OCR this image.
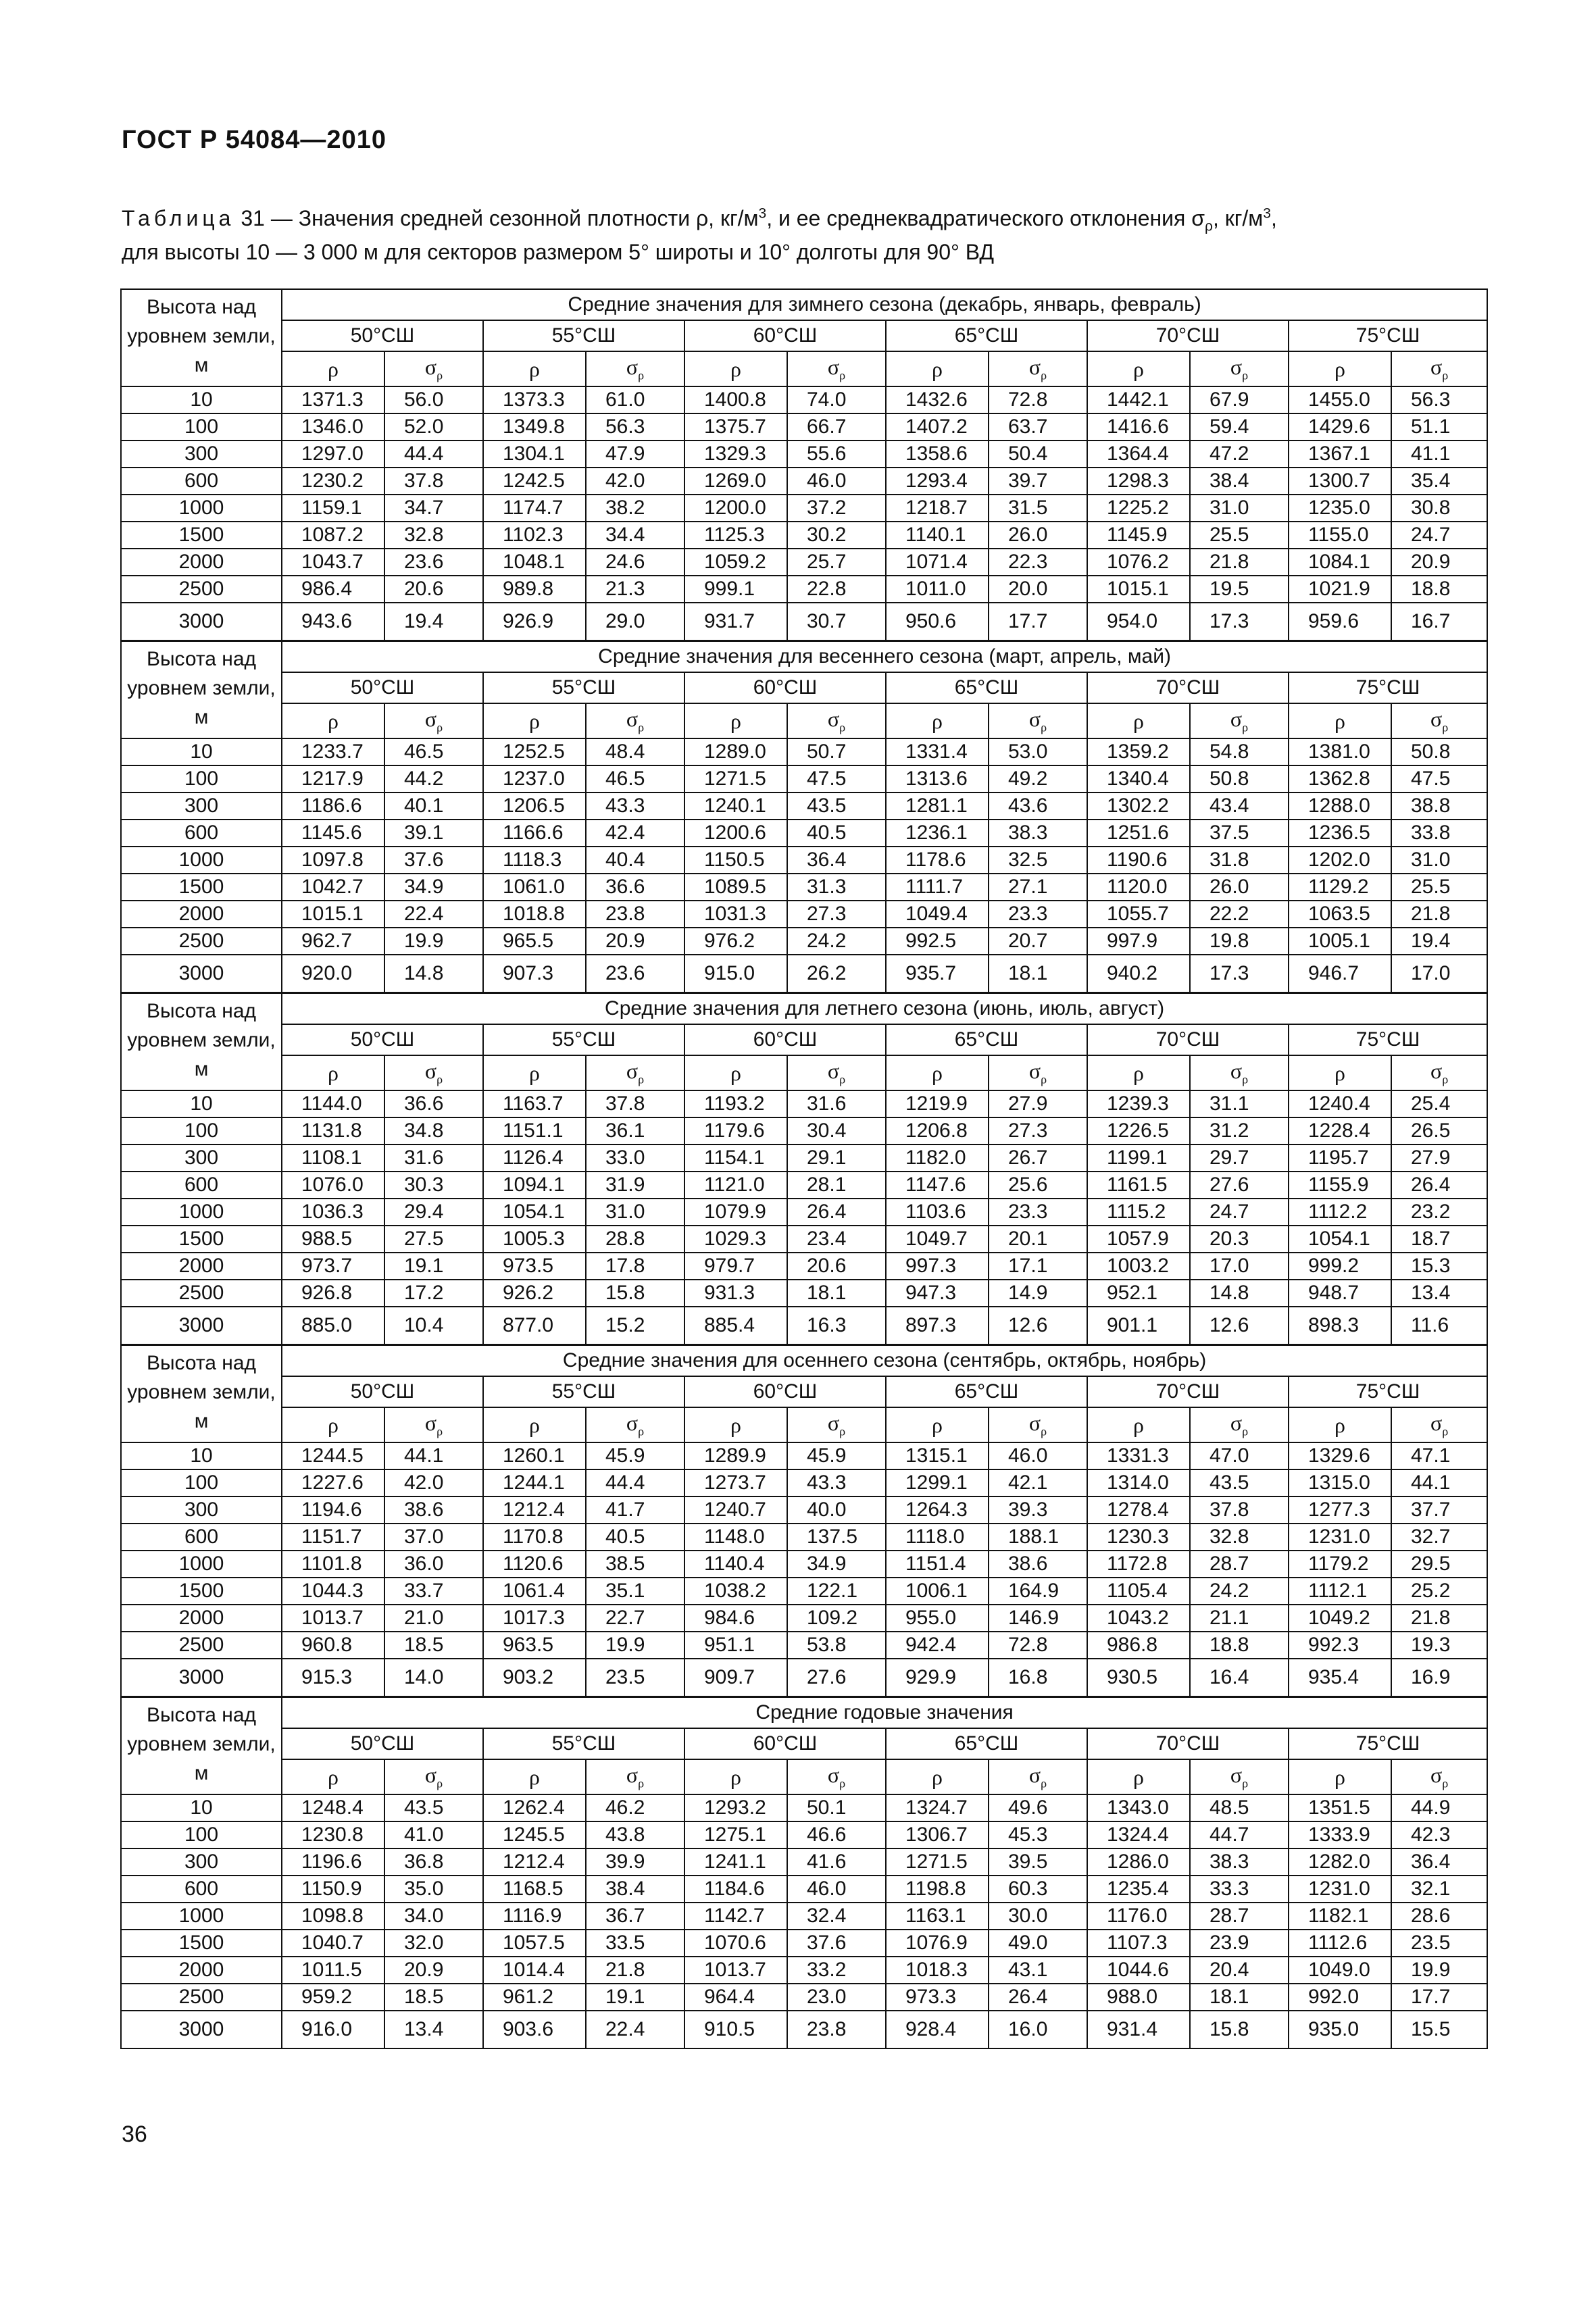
ГОСТ Р 54084—2010
Таблица 31 — Значения средней сезонной плотности ρ, $кг/м^3$, и ее среднеквадратического отклонения $\sigma_\rho$, $кг/м^3$,
для высоты 10 — 3 000 м для секторов размером 5° широты и 10° долготы для 90° ВД
Высота над уровнем земли, м	Средние значения для зимнего сезона (декабрь, январь, февраль)											
	50°СШ		55°СШ		60°СШ		65°СШ		70°СШ		75°СШ	
	ρ	$\sigma_\rho$	ρ	$\sigma_\rho$	ρ	$\sigma_\rho$	ρ	$\sigma_\rho$	ρ	$\sigma_\rho$	ρ	$\sigma_\rho$
10	1371.3	56.0	1373.3	61.0	1400.8	74.0	1432.6	72.8	1442.1	67.9	1455.0	56.3
100	1346.0	52.0	1349.8	56.3	1375.7	66.7	1407.2	63.7	1416.6	59.4	1429.6	51.1
300	1297.0	44.4	1304.1	47.9	1329.3	55.6	1358.6	50.4	1364.4	47.2	1367.1	41.1
600	1230.2	37.8	1242.5	42.0	1269.0	46.0	1293.4	39.7	1298.3	38.4	1300.7	35.4
1000	1159.1	34.7	1174.7	38.2	1200.0	37.2	1218.7	31.5	1225.2	31.0	1235.0	30.8
1500	1087.2	32.8	1102.3	34.4	1125.3	30.2	1140.1	26.0	1145.9	25.5	1155.0	24.7
2000	1043.7	23.6	1048.1	24.6	1059.2	25.7	1071.4	22.3	1076.2	21.8	1084.1	20.9
2500	986.4	20.6	989.8	21.3	999.1	22.8	1011.0	20.0	1015.1	19.5	1021.9	18.8
3000	943.6	19.4	926.9	29.0	931.7	30.7	950.6	17.7	954.0	17.3	959.6	16.7
Высота над уровнем земли, м	Средние значения для весеннего сезона (март, апрель, май)											
	50°СШ		55°СШ		60°СШ		65°СШ		70°СШ		75°СШ	
	ρ	$\sigma_\rho$	ρ	$\sigma_\rho$	ρ	$\sigma_\rho$	ρ	$\sigma_\rho$	ρ	$\sigma_\rho$	ρ	$\sigma_\rho$
10	1233.7	46.5	1252.5	48.4	1289.0	50.7	1331.4	53.0	1359.2	54.8	1381.0	50.8
100	1217.9	44.2	1237.0	46.5	1271.5	47.5	1313.6	49.2	1340.4	50.8	1362.8	47.5
300	1186.6	40.1	1206.5	43.3	1240.1	43.5	1281.1	43.6	1302.2	43.4	1288.0	38.8
600	1145.6	39.1	1166.6	42.4	1200.6	40.5	1236.1	38.3	1251.6	37.5	1236.5	33.8
1000	1097.8	37.6	1118.3	40.4	1150.5	36.4	1178.6	32.5	1190.6	31.8	1202.0	31.0
1500	1042.7	34.9	1061.0	36.6	1089.5	31.3	1111.7	27.1	1120.0	26.0	1129.2	25.5
2000	1015.1	22.4	1018.8	23.8	1031.3	27.3	1049.4	23.3	1055.7	22.2	1063.5	21.8
2500	962.7	19.9	965.5	20.9	976.2	24.2	992.5	20.7	997.9	19.8	1005.1	19.4
3000	920.0	14.8	907.3	23.6	915.0	26.2	935.7	18.1	940.2	17.3	946.7	17.0
Высота над уровнем земли, м	Средние значения для летнего сезона (июнь, июль, август)											
	50°СШ		55°СШ		60°СШ		65°СШ		70°СШ		75°СШ	
	ρ	$\sigma_\rho$	ρ	$\sigma_\rho$	ρ	$\sigma_\rho$	ρ	$\sigma_\rho$	ρ	$\sigma_\rho$	ρ	$\sigma_\rho$
10	1144.0	36.6	1163.7	37.8	1193.2	31.6	1219.9	27.9	1239.3	31.1	1240.4	25.4
100	1131.8	34.8	1151.1	36.1	1179.6	30.4	1206.8	27.3	1226.5	31.2	1228.4	26.5
300	1108.1	31.6	1126.4	33.0	1154.1	29.1	1182.0	26.7	1199.1	29.7	1195.7	27.9
600	1076.0	30.3	1094.1	31.9	1121.0	28.1	1147.6	25.6	1161.5	27.6	1155.9	26.4
1000	1036.3	29.4	1054.1	31.0	1079.9	26.4	1103.6	23.3	1115.2	24.7	1112.2	23.2
1500	988.5	27.5	1005.3	28.8	1029.3	23.4	1049.7	20.1	1057.9	20.3	1054.1	18.7
2000	973.7	19.1	973.5	17.8	979.7	20.6	997.3	17.1	1003.2	17.0	999.2	15.3
2500	926.8	17.2	926.2	15.8	931.3	18.1	947.3	14.9	952.1	14.8	948.7	13.4
3000	885.0	10.4	877.0	15.2	885.4	16.3	897.3	12.6	901.1	12.6	898.3	11.6
Высота над уровнем земли, м	Средние значения для осеннего сезона (сентябрь, октябрь, ноябрь)											
	50°СШ		55°СШ		60°СШ		65°СШ		70°СШ		75°СШ	
	ρ	$\sigma_\rho$	ρ	$\sigma_\rho$	ρ	$\sigma_\rho$	ρ	$\sigma_\rho$	ρ	$\sigma_\rho$	ρ	$\sigma_\rho$
10	1244.5	44.1	1260.1	45.9	1289.9	45.9	1315.1	46.0	1331.3	47.0	1329.6	47.1
100	1227.6	42.0	1244.1	44.4	1273.7	43.3	1299.1	42.1	1314.0	43.5	1315.0	44.1
300	1194.6	38.6	1212.4	41.7	1240.7	40.0	1264.3	39.3	1278.4	37.8	1277.3	37.7
600	1151.7	37.0	1170.8	40.5	1148.0	137.5	1118.0	188.1	1230.3	32.8	1231.0	32.7
1000	1101.8	36.0	1120.6	38.5	1140.4	34.9	1151.4	38.6	1172.8	28.7	1179.2	29.5
1500	1044.3	33.7	1061.4	35.1	1038.2	122.1	1006.1	164.9	1105.4	24.2	1112.1	25.2
2000	1013.7	21.0	1017.3	22.7	984.6	109.2	955.0	146.9	1043.2	21.1	1049.2	21.8
2500	960.8	18.5	963.5	19.9	951.1	53.8	942.4	72.8	986.8	18.8	992.3	19.3
3000	915.3	14.0	903.2	23.5	909.7	27.6	929.9	16.8	930.5	16.4	935.4	16.9
Высота над уровнем земли, м	Средние годовые значения											
	50°СШ		55°СШ		60°СШ		65°СШ		70°СШ		75°СШ	
	ρ	$\sigma_\rho$	ρ	$\sigma_\rho$	ρ	$\sigma_\rho$	ρ	$\sigma_\rho$	ρ	$\sigma_\rho$	ρ	$\sigma_\rho$
10	1248.4	43.5	1262.4	46.2	1293.2	50.1	1324.7	49.6	1343.0	48.5	1351.5	44.9
100	1230.8	41.0	1245.5	43.8	1275.1	46.6	1306.7	45.3	1324.4	44.7	1333.9	42.3
300	1196.6	36.8	1212.4	39.9	1241.1	41.6	1271.5	39.5	1286.0	38.3	1282.0	36.4
600	1150.9	35.0	1168.5	38.4	1184.6	46.0	1198.8	60.3	1235.4	33.3	1231.0	32.1
1000	1098.8	34.0	1116.9	36.7	1142.7	32.4	1163.1	30.0	1176.0	28.7	1182.1	28.6
1500	1040.7	32.0	1057.5	33.5	1070.6	37.6	1076.9	49.0	1107.3	23.9	1112.6	23.5
2000	1011.5	20.9	1014.4	21.8	1013.7	33.2	1018.3	43.1	1044.6	20.4	1049.0	19.9
2500	959.2	18.5	961.2	19.1	964.4	23.0	973.3	26.4	988.0	18.1	992.0	17.7
3000	916.0	13.4	903.6	22.4	910.5	23.8	928.4	16.0	931.4	15.8	935.0	15.5
36
